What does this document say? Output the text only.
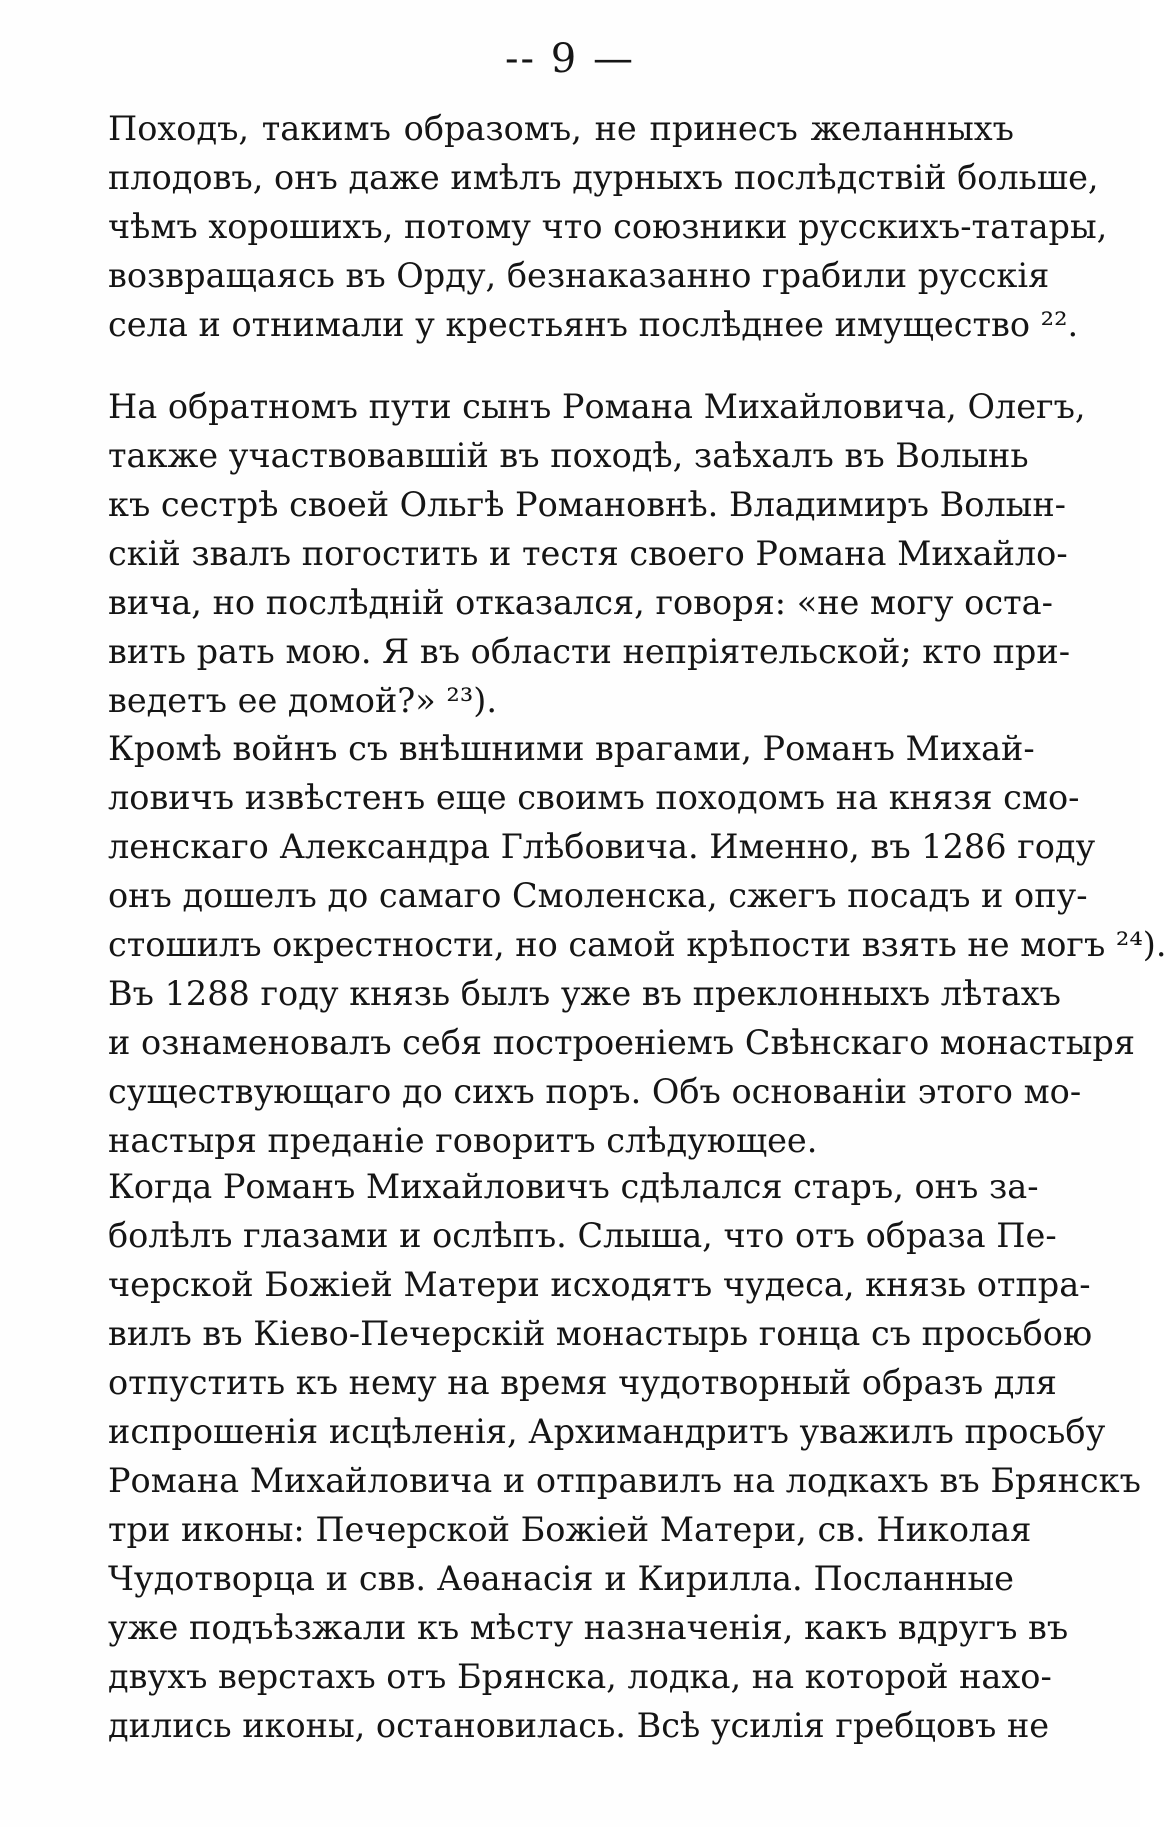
-- 9 —
Походъ, такимъ образомъ, не принесъ желанныхъ
плодовъ, онъ даже имѣлъ дурныхъ послѣдствій больше,
чѣмъ хорошихъ, потому что союзники русскихъ-татары,
возвращаясь въ Орду, безнаказанно грабили русскія
села и отнимали у крестьянъ послѣднее имущество ²².
На обратномъ пути сынъ Романа Михайловича, Олегъ,
также участвовавшій въ походѣ, заѣхалъ въ Волынь
къ сестрѣ своей Ольгѣ Романовнѣ. Владимиръ Волын-
скій звалъ погостить и тестя своего Романа Михайло-
вича, но послѣдній отказался, говоря: «не могу оста-
вить рать мою. Я въ области непріятельской; кто при-
ведетъ ее домой?» ²³).
Кромѣ войнъ съ внѣшними врагами, Романъ Михай-
ловичъ извѣстенъ еще своимъ походомъ на князя смо-
ленскаго Александра Глѣбовича. Именно, въ 1286 году
онъ дошелъ до самаго Смоленска, сжегъ посадъ и опу-
стошилъ окрестности, но самой крѣпости взять не могъ ²⁴).
Въ 1288 году князь былъ уже въ преклонныхъ лѣтахъ
и ознаменовалъ себя построеніемъ Свѣнскаго монастыря
существующаго до сихъ поръ. Объ основаніи этого мо-
настыря преданіе говоритъ слѣдующее.
Когда Романъ Михайловичъ сдѣлался старъ, онъ за-
болѣлъ глазами и ослѣпъ. Слыша, что отъ образа Пе-
черской Божіей Матери исходятъ чудеса, князь отпра-
вилъ въ Кіево-Печерскій монастырь гонца съ просьбою
отпустить къ нему на время чудотворный образъ для
испрошенія исцѣленія, Архимандритъ уважилъ просьбу
Романа Михайловича и отправилъ на лодкахъ въ Брянскъ
три иконы: Печерской Божіей Матери, св. Николая
Чудотворца и свв. Аѳанасія и Кирилла. Посланные
уже подъѣзжали къ мѣсту назначенія, какъ вдругъ въ
двухъ верстахъ отъ Брянска, лодка, на которой нахо-
дились иконы, остановилась. Всѣ усилія гребцовъ не
